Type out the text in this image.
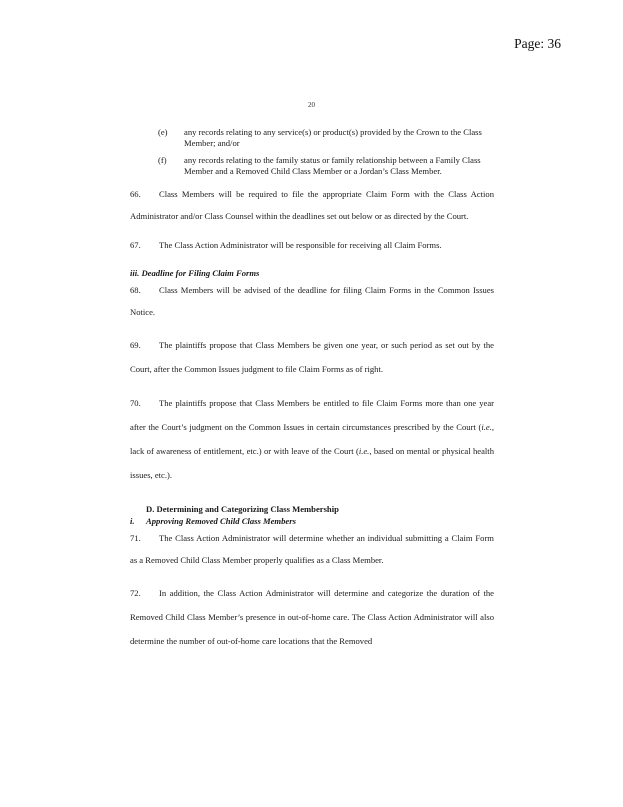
Page: 36
20
(e) any records relating to any service(s) or product(s) provided by the Crown to the Class Member; and/or
(f) any records relating to the family status or family relationship between a Family Class Member and a Removed Child Class Member or a Jordan’s Class Member.

66. Class Members will be required to file the appropriate Claim Form with the Class Action Administrator and/or Class Counsel within the deadlines set out below or as directed by the Court.

67. The Class Action Administrator will be responsible for receiving all Claim Forms.

iii. Deadline for Filing Claim Forms

68. Class Members will be advised of the deadline for filing Claim Forms in the Common Issues Notice.

69. The plaintiffs propose that Class Members be given one year, or such period as set out by the Court, after the Common Issues judgment to file Claim Forms as of right.

70. The plaintiffs propose that Class Members be entitled to file Claim Forms more than one year after the Court’s judgment on the Common Issues in certain circumstances prescribed by the Court (i.e., lack of awareness of entitlement, etc.) or with leave of the Court (i.e., based on mental or physical health issues, etc.).

D. Determining and Categorizing Class Membership
i. Approving Removed Child Class Members

71. The Class Action Administrator will determine whether an individual submitting a Claim Form as a Removed Child Class Member properly qualifies as a Class Member.

72. In addition, the Class Action Administrator will determine and categorize the duration of the Removed Child Class Member’s presence in out-of-home care. The Class Action Administrator will also determine the number of out-of-home care locations that the Removed
